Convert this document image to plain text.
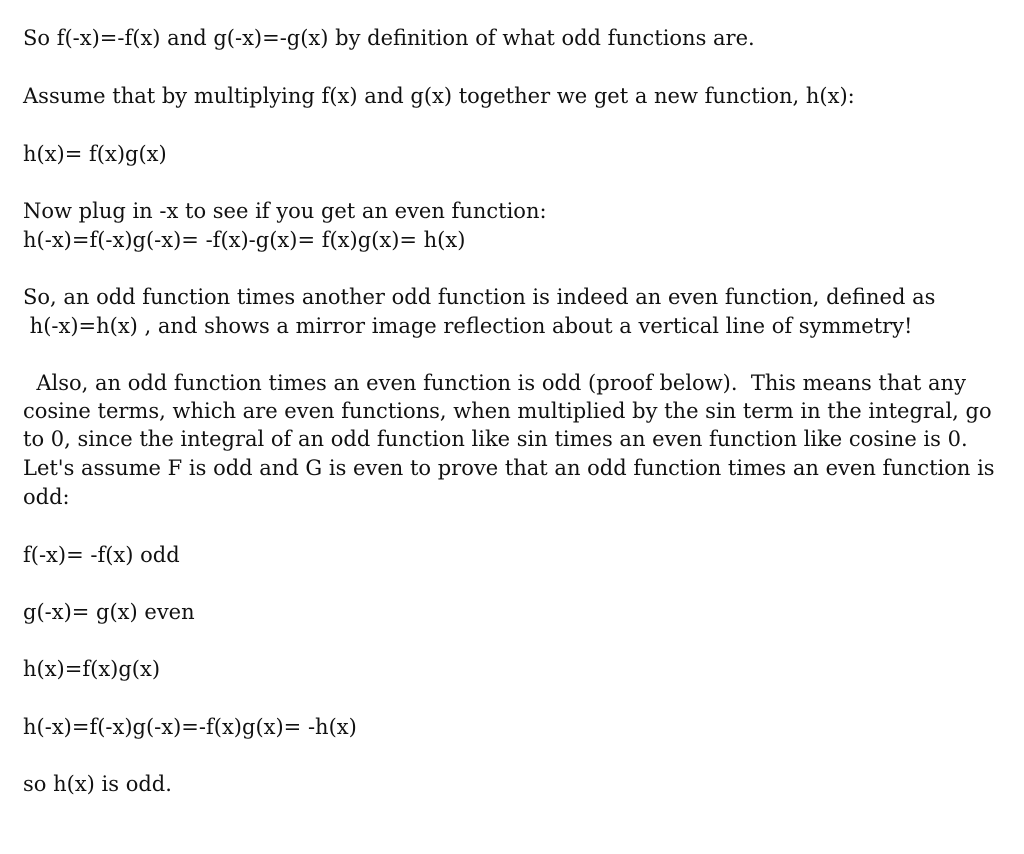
So f(-x)=-f(x) and g(-x)=-g(x) by definition of what odd functions are.

Assume that by multiplying f(x) and g(x) together we get a new function, h(x):

h(x)= f(x)g(x)

Now plug in -x to see if you get an even function:

h(-x)=f(-x)g(-x)= -f(x)-g(x)= f(x)g(x)= h(x)

So, an odd function times another odd function is indeed an even function, defined as

h(-x)=h(x) , and shows a mirror image reflection about a vertical line of symmetry!

Also, an odd function times an even function is odd (proof below).  This means that any

cosine terms, which are even functions, when multiplied by the sin term in the integral, go

to 0, since the integral of an odd function like sin times an even function like cosine is 0.

Let's assume F is odd and G is even to prove that an odd function times an even function is

odd:

f(-x)= -f(x) odd

g(-x)= g(x) even

h(x)=f(x)g(x)

h(-x)=f(-x)g(-x)=-f(x)g(x)= -h(x)

so h(x) is odd.
